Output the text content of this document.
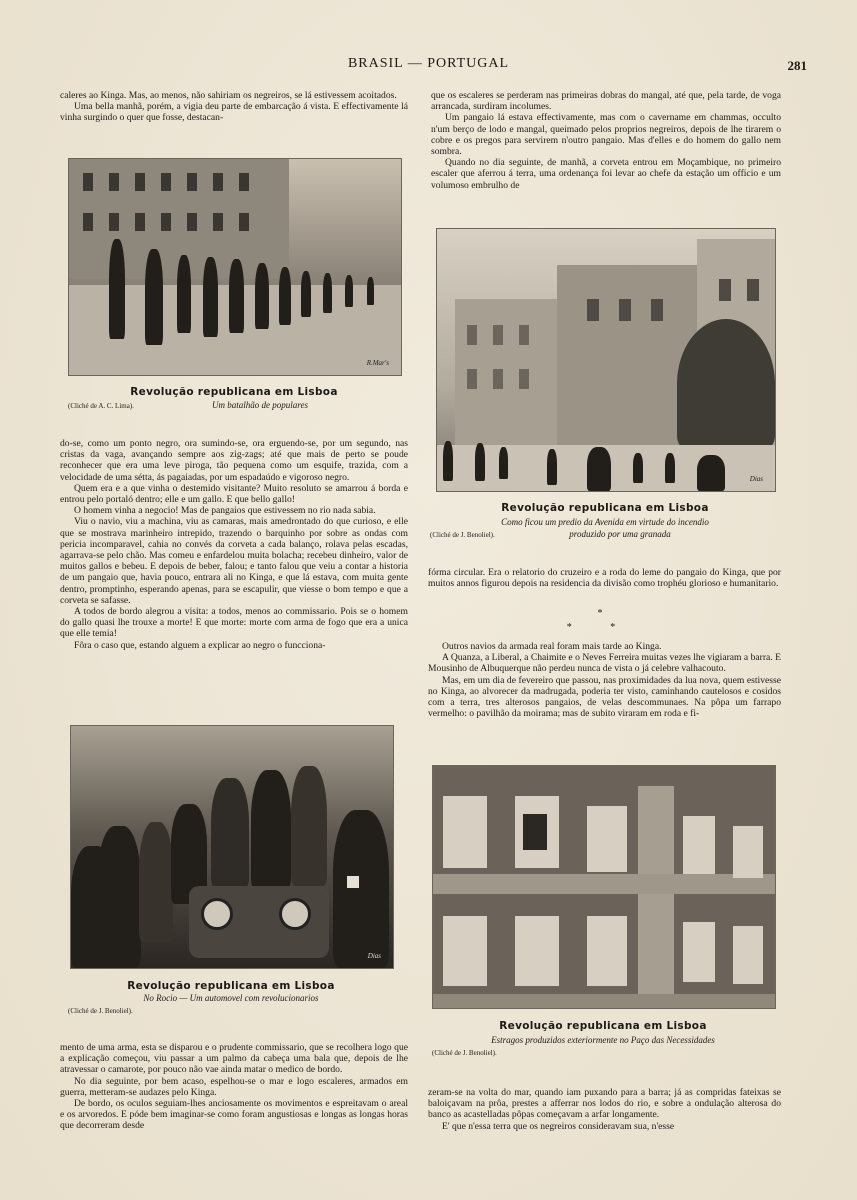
BRASIL — PORTUGAL	281

caleres ao Kinga. Mas, ao menos, não sahiriam os negreiros, se lá estivessem acoitados.

Uma bella manhã, porém, a vigia deu parte de embarcação á vista. E effectivamente lá vinha surgindo o quer que fosse, destacan-

R.Mar's
Revolução republicana em Lisboa
(Cliché de A. C. Lima).	Um batalhão de populares

do-se, como um ponto negro, ora sumindo-se, ora erguendo-se, por um segundo, nas cristas da vaga, avançando sempre aos zig-zags; até que mais de perto se poude reconhecer que era uma leve piroga, tão pequena como um esquife, trazida, com a velocidade de uma sétta, ás pagaiadas, por um espadaúdo e vigoroso negro.

Quem era e a que vinha o destemido visitante? Muito resoluto se amarrou á borda e entrou pelo portaló dentro; elle e um gallo. E que bello gallo!

O homem vinha a negocio! Mas de pangaios que estivessem no rio nada sabia.

Viu o navio, viu a machina, viu as camaras, mais amedrontado do que curioso, e elle que se mostrava marinheiro intrepido, trazendo o barquinho por sobre as ondas com pericia incomparavel, cahia no convés da corveta a cada balanço, rolava pelas escadas, agarrava-se pelo chão. Mas comeu e enfardelou muita bolacha; recebeu dinheiro, valor de muitos gallos e bebeu. E depois de beber, falou; e tanto falou que veiu a contar a historia de um pangaio que, havia pouco, entrara ali no Kinga, e que lá estava, com muita gente dentro, promptinho, esperando apenas, para se escapulir, que viesse o bom tempo e que a corveta se safasse.

A todos de bordo alegrou a visita: a todos, menos ao commissario. Pois se o homem do gallo quasi lhe trouxe a morte! E que morte: morte com arma de fogo que era a unica que elle temia!

Fôra o caso que, estando alguem a explicar ao negro o funcciona-

Dias
Revolução republicana em Lisboa
No Rocio — Um automovel com revolucionarios
(Cliché de J. Benoliel).

mento de uma arma, esta se disparou e o prudente commissario, que se recolhera logo que a explicação começou, viu passar a um palmo da cabeça uma bala que, depois de lhe atravessar o camarote, por pouco não vae ainda matar o medico de bordo.

No dia seguinte, por bem acaso, espelhou-se o mar e logo escaleres, armados em guerra, metteram-se audazes pelo Kinga.

De bordo, os oculos seguiam-lhes anciosamente os movimentos e espreitavam o areal e os arvoredos. E póde bem imaginar-se como foram angustiosas e longas as longas horas que decorreram desde

que os escaleres se perderam nas primeiras dobras do mangal, até que, pela tarde, de voga arrancada, surdiram incolumes.

Um pangaio lá estava effectivamente, mas com o cavername em chammas, occulto n'um berço de lodo e mangal, queimado pelos proprios negreiros, depois de lhe tirarem o cobre e os pregos para servirem n'outro pangaio. Mas d'elles e do homem do gallo nem sombra.

Quando no dia seguinte, de manhã, a corveta entrou em Moçambique, no primeiro escaler que aferrou á terra, uma ordenança foi levar ao chefe da estação um officio e um volumoso embrulho de

Dias
Revolução republicana em Lisboa
Como ficou um predio da Avenida em virtude do incendio
(Cliché de J. Benoliel).	produzido por uma granada

fórma circular. Era o relatorio do cruzeiro e a roda do leme do pangaio do Kinga, que por muitos annos figurou depois na residencia da divisão como trophéu glorioso e humanitario.

*
* *

Outros navios da armada real foram mais tarde ao Kinga.

A Quanza, a Liberal, a Chaimite e o Neves Ferreira muitas vezes lhe vigiaram a barra. E Mousinho de Albuquerque não perdeu nunca de vista o já celebre valhacouto.

Mas, em um dia de fevereiro que passou, nas proximidades da lua nova, quem estivesse no Kinga, ao alvorecer da madrugada, poderia ter visto, caminhando cautelosos e cosidos com a terra, tres alterosos pangaios, de velas descommunaes. Na pôpa um farrapo vermelho: o pavilhão da moirama; mas de subito viraram em roda e fi-

Revolução republicana em Lisboa
Estragos produzidos exteriormente no Paço das Necessidades
(Cliché de J. Benoliel).

zeram-se na volta do mar, quando iam puxando para a barra; já as compridas fateixas se baloiçavam na prôa, prestes a afferrar nos lodos do rio, e sobre a ondulação alterosa do banco as acastelladas pôpas começavam a arfar longamente.

E' que n'essa terra que os negreiros consideravam sua, n'esse
